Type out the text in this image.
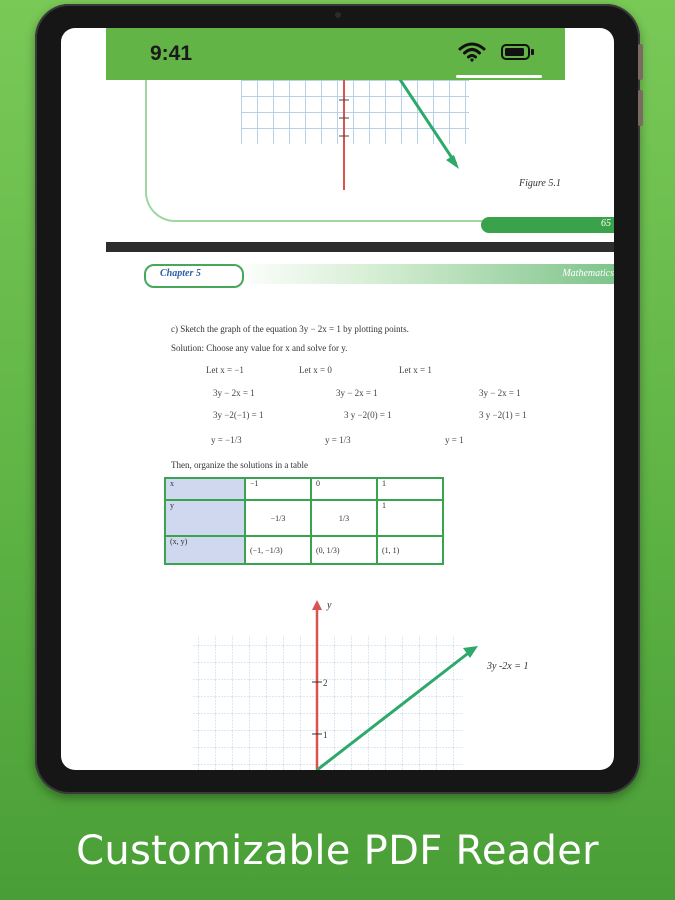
Figure 5.1
65
Mathematics
Chapter 5
c) Sketch the graph of the equation 3y − 2x = 1 by plotting points.
Solution: Choose any value for x and solve for y.
Let x = −1	Let x = 0	Let x = 1
3y − 2x = 1	3y − 2x = 1	3y − 2x = 1
3y −2(−1) = 1	3 y −2(0) = 1	3 y −2(1) = 1
y = −1/3	y = 1/3	y = 1
Then, organize the solutions in a table
x	−1	0	1
y	−1/3	1/3	1
(x, y)	(−1, −1/3)	(0, 1/3)	(1, 1)
y
2
1
3y -2x = 1
9:41
Customizable PDF Reader
